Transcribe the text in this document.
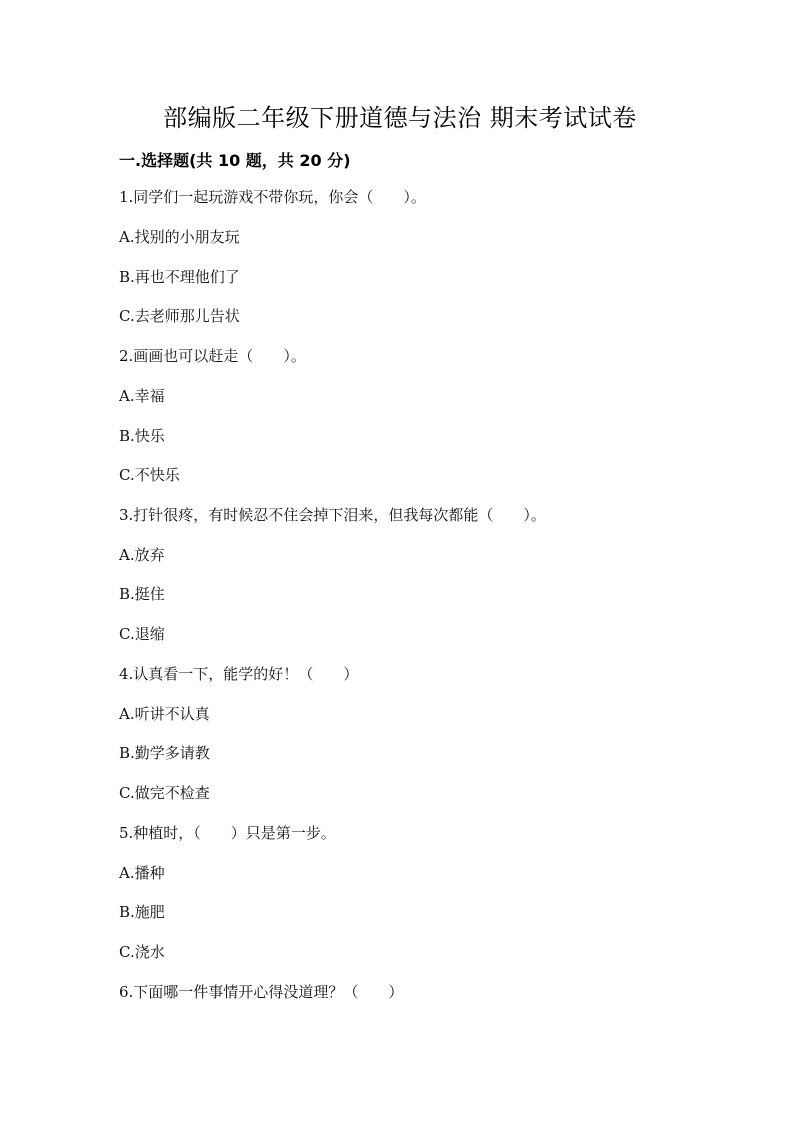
部编版二年级下册道德与法治 期末考试试卷
一.选择题(共 10 题，共 20 分)
1.同学们一起玩游戏不带你玩，你会（　　）。
A.找别的小朋友玩
B.再也不理他们了
C.去老师那儿告状
2.画画也可以赶走（　　）。
A.幸福
B.快乐
C.不快乐
3.打针很疼，有时候忍不住会掉下泪来，但我每次都能（　　）。
A.放弃
B.挺住
C.退缩
4.认真看一下，能学的好！（　　）
A.听讲不认真
B.勤学多请教
C.做完不检查
5.种植时，（　　）只是第一步。
A.播种
B.施肥
C.浇水
6.下面哪一件事情开心得没道理？（　　）
